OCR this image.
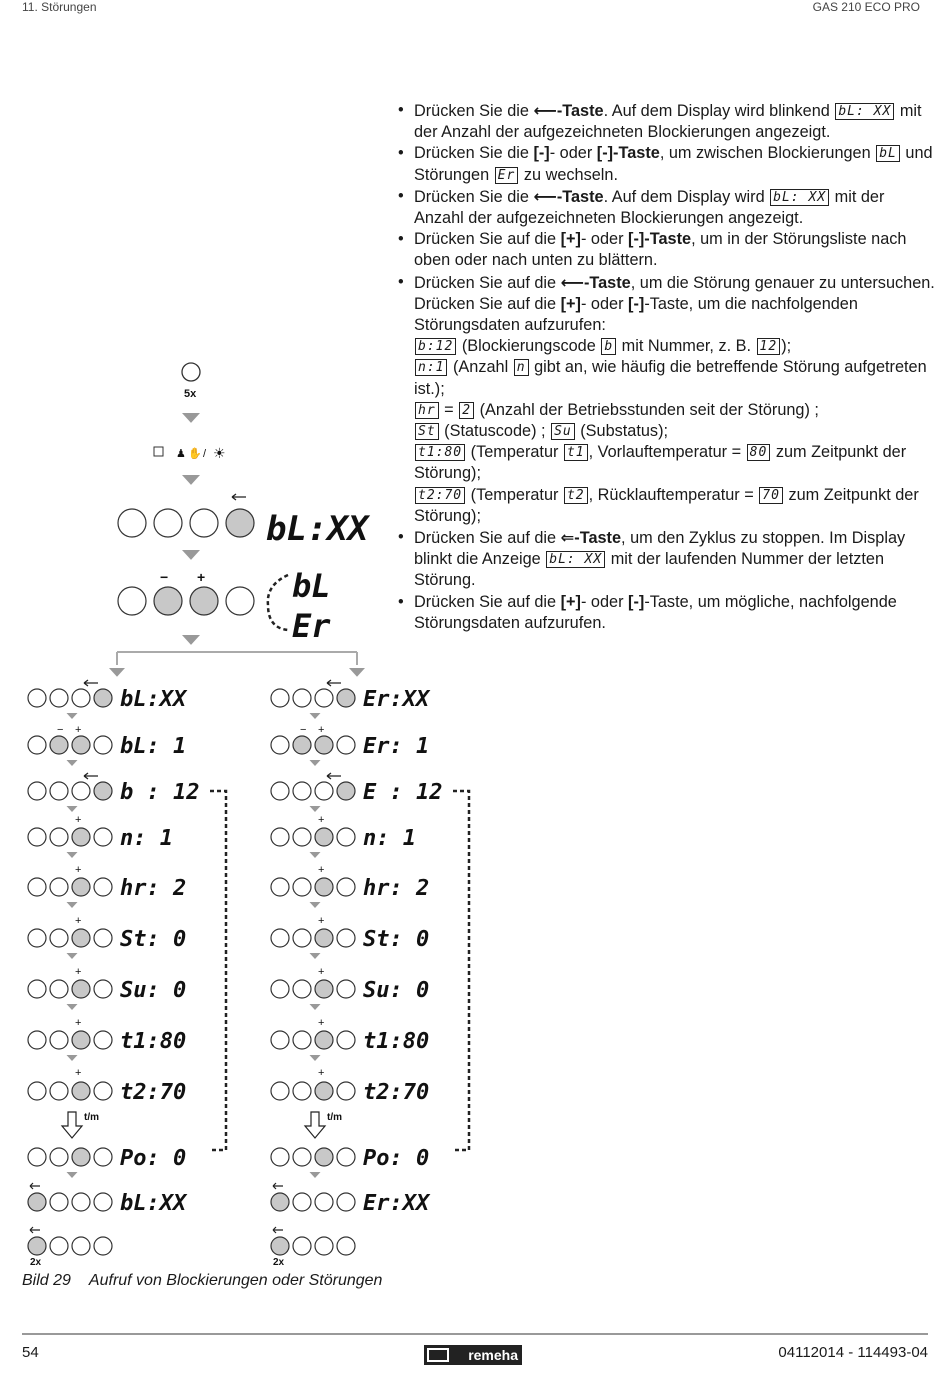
11. Störungen	GAS 210 ECO PRO
• Drücken Sie die ⟵-Taste. Auf dem Display wird blinkend bL: XX mit der Anzahl der aufgezeichneten Blockierungen angezeigt.
• Drücken Sie die [-]- oder [-]-Taste, um zwischen Blockierungen bL und Störungen Er zu wechseln.
• Drücken Sie die ⟵-Taste. Auf dem Display wird bL: XX mit der Anzahl der aufgezeichneten Blockierungen angezeigt.
• Drücken Sie auf die [+]- oder [-]-Taste, um in der Störungsliste nach oben oder nach unten zu blättern.
• Drücken Sie auf die ⟵-Taste, um die Störung genauer zu untersuchen. Drücken Sie auf die [+]- oder [-]-Taste, um die nachfolgenden Störungsdaten aufzurufen:
b:12 (Blockierungscode b mit Nummer, z. B. 12 );
n:1 (Anzahl n gibt an, wie häufig die betreffende Störung aufgetreten ist.);
hr = 2 (Anzahl der Betriebsstunden seit der Störung) ;
St (Statuscode) ; Su (Substatus);
t1:80 (Temperatur t1 , Vorlauftemperatur = 80 zum Zeitpunkt der Störung);
t2:70 (Temperatur t2 , Rücklauftemperatur = 70 zum Zeitpunkt der Störung);
• Drücken Sie auf die ⇐-Taste, um den Zyklus zu stoppen. Im Display blinkt die Anzeige bL: XX mit der laufenden Nummer der letzten Störung.
• Drücken Sie auf die [+]- oder [-]-Taste, um mögliche, nachfolgende Störungsdaten aufzurufen.
5x
♟ ✋ / ☀
bL:XX
− +	bL
Er
bL:XX
bL: 1
b : 12
n: 1
hr: 2
St: 0
Su: 0
t1:80
t2:70
Po: 0
bL:XX
− +
+
+
+
+
+
+
t/m
2x
Er:XX
Er: 1
E : 12
n: 1
hr: 2
St: 0
Su: 0
t1:80
t2:70
Po: 0
Er:XX
− +
+
+
+
+
+
+
t/m
2x
Bild 29 Aufruf von Blockierungen oder Störungen
54	remeha	04112014 - 114493-04
